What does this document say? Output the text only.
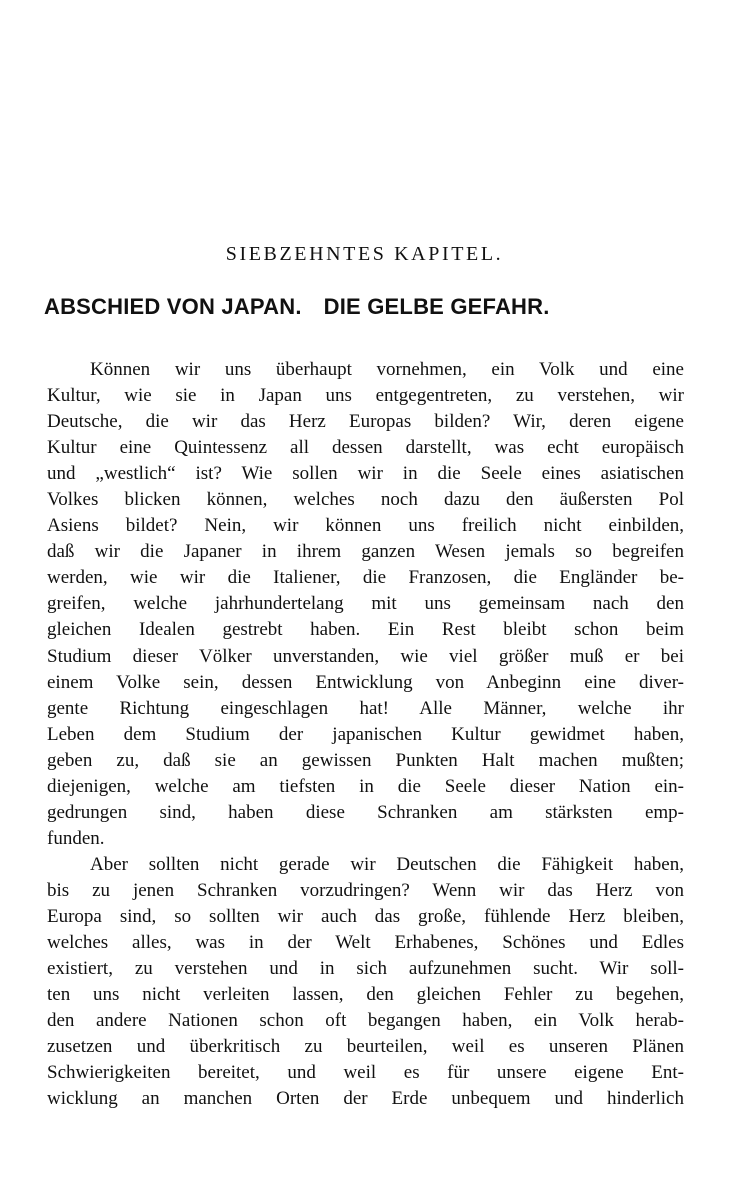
SIEBZEHNTES KAPITEL.
ABSCHIED VON JAPAN. DIE GELBE GEFAHR.
Können wir uns überhaupt vornehmen, ein Volk und eine
Kultur, wie sie in Japan uns entgegentreten, zu verstehen, wir
Deutsche, die wir das Herz Europas bilden? Wir, deren eigene
Kultur eine Quintessenz all dessen darstellt, was echt europäisch
und „westlich“ ist? Wie sollen wir in die Seele eines asiatischen
Volkes blicken können, welches noch dazu den äußersten Pol
Asiens bildet? Nein, wir können uns freilich nicht einbilden,
daß wir die Japaner in ihrem ganzen Wesen jemals so begreifen
werden, wie wir die Italiener, die Franzosen, die Engländer be-
greifen, welche jahrhundertelang mit uns gemeinsam nach den
gleichen Idealen gestrebt haben. Ein Rest bleibt schon beim
Studium dieser Völker unverstanden, wie viel größer muß er bei
einem Volke sein, dessen Entwicklung von Anbeginn eine diver-
gente Richtung eingeschlagen hat! Alle Männer, welche ihr
Leben dem Studium der japanischen Kultur gewidmet haben,
geben zu, daß sie an gewissen Punkten Halt machen mußten;
diejenigen, welche am tiefsten in die Seele dieser Nation ein-
gedrungen sind, haben diese Schranken am stärksten emp-
funden.
Aber sollten nicht gerade wir Deutschen die Fähigkeit haben,
bis zu jenen Schranken vorzudringen? Wenn wir das Herz von
Europa sind, so sollten wir auch das große, fühlende Herz bleiben,
welches alles, was in der Welt Erhabenes, Schönes und Edles
existiert, zu verstehen und in sich aufzunehmen sucht. Wir soll-
ten uns nicht verleiten lassen, den gleichen Fehler zu begehen,
den andere Nationen schon oft begangen haben, ein Volk herab-
zusetzen und überkritisch zu beurteilen, weil es unseren Plänen
Schwierigkeiten bereitet, und weil es für unsere eigene Ent-
wicklung an manchen Orten der Erde unbequem und hinderlich
